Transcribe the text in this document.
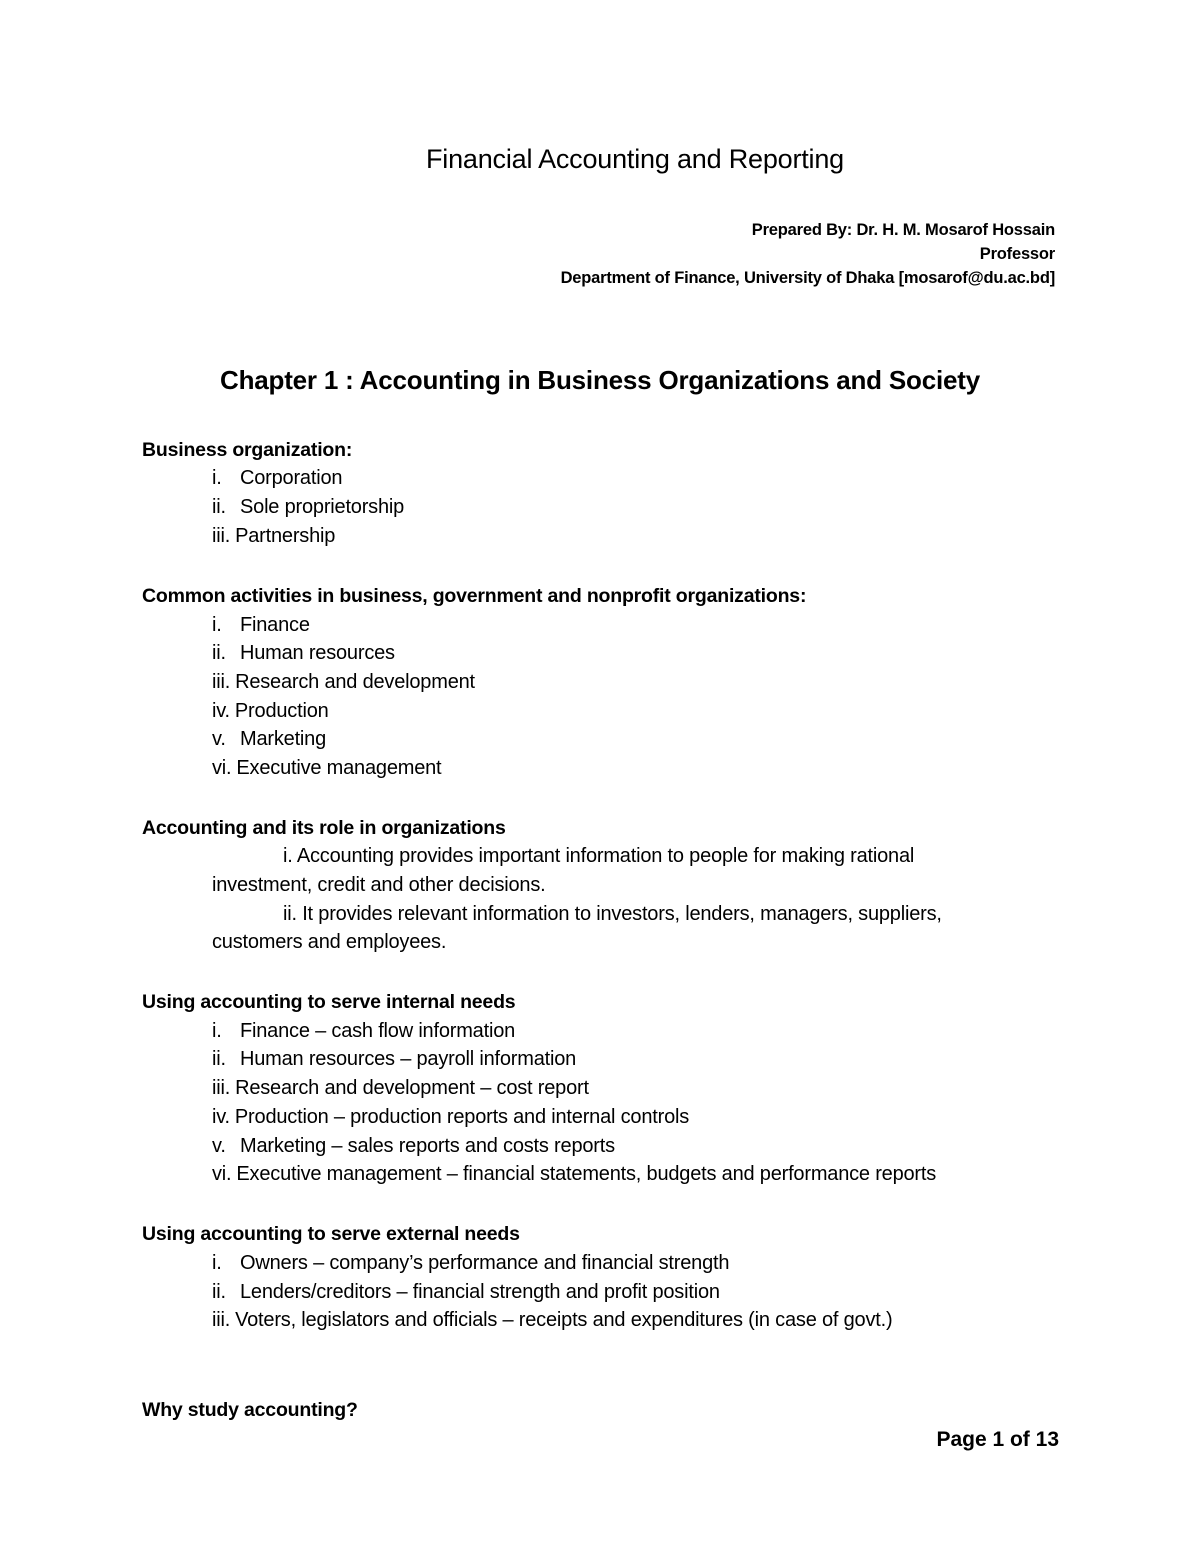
Financial Accounting and Reporting
Prepared By: Dr. H. M. Mosarof Hossain
Professor
Department of Finance, University of Dhaka [mosarof@du.ac.bd]
Chapter 1 : Accounting in Business Organizations and Society
Business organization:
i. Corporation
ii. Sole proprietorship
iii. Partnership
Common activities in business, government and nonprofit organizations:
i. Finance
ii. Human resources
iii. Research and development
iv. Production
v. Marketing
vi. Executive management
Accounting and its role in organizations
i. Accounting provides important information to people for making rational
investment, credit and other decisions.
ii. It provides relevant information to investors, lenders, managers, suppliers,
customers and employees.
Using accounting to serve internal needs
i. Finance – cash flow information
ii. Human resources – payroll information
iii. Research and development – cost report
iv. Production – production reports and internal controls
v. Marketing – sales reports and costs reports
vi. Executive management – financial statements, budgets and performance reports
Using accounting to serve external needs
i. Owners – company’s performance and financial strength
ii. Lenders/creditors – financial strength and profit position
iii. Voters, legislators and officials – receipts and expenditures (in case of govt.)
Why study accounting?
Page 1 of 13
